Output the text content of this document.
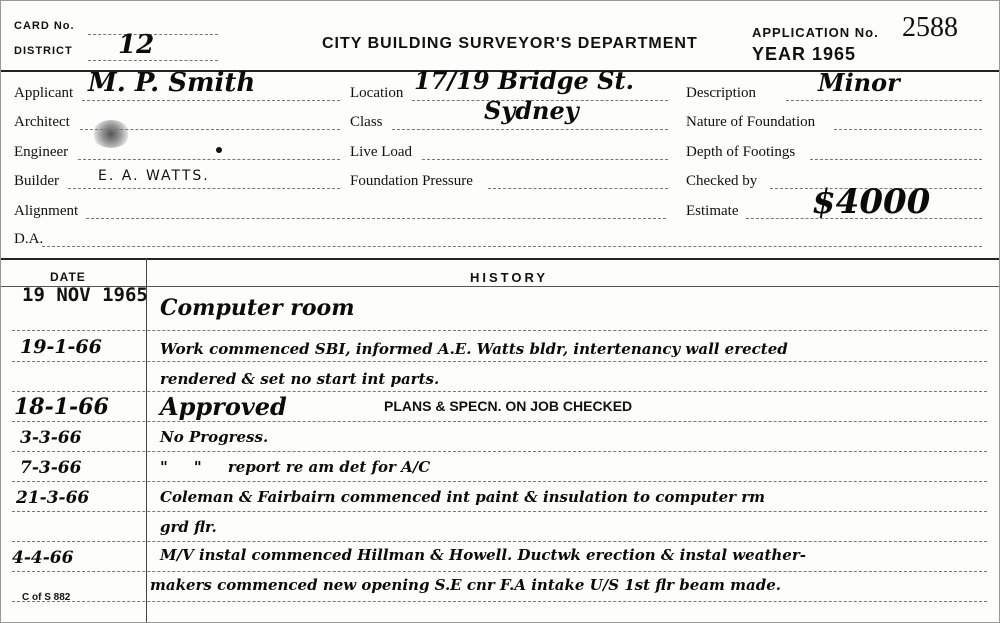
CARD No.
DISTRICT 12	CITY BUILDING SURVEYOR'S DEPARTMENT
APPLICATION No. 2588
YEAR 1965
Applicant M. P. Smith
Architect
Engineer
Builder	E. A. WATTS.
Alignment
D.A.
Location 17/19 Bridge St.
Class	Sydney
Live Load
Foundation Pressure
Description	Minor
Nature of Foundation
Depth of Footings
Checked by
Estimate $4000
DATE	HISTORY
19 NOV 1965 Computer room
19-1-66	Work commenced SBI, informed A.E. Watts bldr, intertenancy wall erected
rendered & set no start int parts.
18-1-66 Approved	PLANS & SPECN. ON JOB CHECKED
3-3-66	No Progress.
7-3-66	"     "     report re am det for A/C
21-3-66	Coleman & Fairbairn commenced int paint & insulation to computer rm
grd flr.
4-4-66	M/V instal commenced Hillman & Howell. Ductwk erection & instal weather-
makers commenced new opening S.E cnr F.A intake U/S 1st flr beam made.
C of S 882
